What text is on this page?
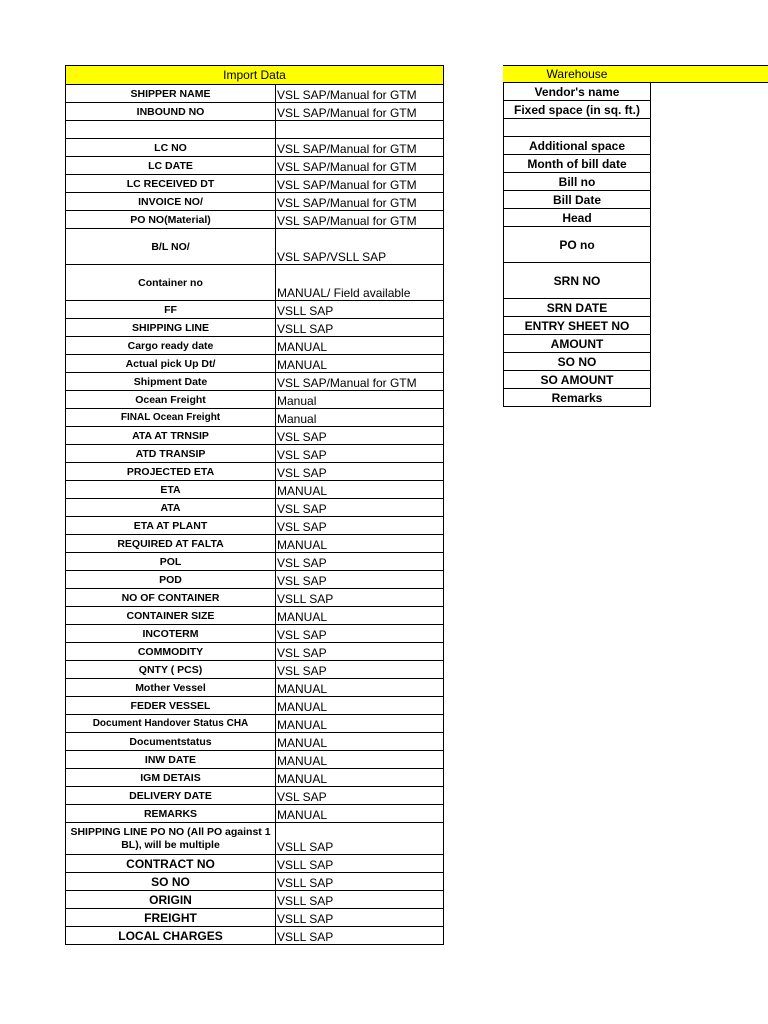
Import Data	
SHIPPER NAME	VSL SAP/Manual for GTM
INBOUND NO	VSL SAP/Manual for GTM

LC NO	VSL SAP/Manual for GTM
LC DATE	VSL SAP/Manual for GTM
LC RECEIVED DT	VSL SAP/Manual for GTM
INVOICE NO/	VSL SAP/Manual for GTM
PO NO(Material)	VSL SAP/Manual for GTM
B/L NO/	VSL SAP/VSLL SAP
Container no	MANUAL/ Field available
FF	VSLL SAP
SHIPPING LINE	VSLL SAP
Cargo ready date	MANUAL
Actual pick Up Dt/	MANUAL
Shipment Date	VSL SAP/Manual for GTM
Ocean Freight	Manual
FINAL Ocean Freight	Manual
ATA AT TRNSIP	VSL SAP
ATD TRANSIP	VSL SAP
PROJECTED ETA	VSL SAP
ETA	MANUAL
ATA	VSL SAP
ETA AT PLANT	VSL SAP
REQUIRED AT FALTA	MANUAL
POL	VSL SAP
POD	VSL SAP
NO OF CONTAINER	VSLL SAP
CONTAINER SIZE	MANUAL
INCOTERM	VSL SAP
COMMODITY	VSL SAP
QNTY ( PCS)	VSL SAP
Mother Vessel	MANUAL
FEDER VESSEL	MANUAL
Document Handover Status CHA	MANUAL
Documentstatus	MANUAL
INW DATE	MANUAL
IGM DETAIS	MANUAL
DELIVERY DATE	VSL SAP
REMARKS	MANUAL
SHIPPING LINE PO NO (All PO against 1 BL), will be multiple	VSLL SAP
CONTRACT NO	VSLL SAP
SO NO	VSLL SAP
ORIGIN	VSLL SAP
FREIGHT	VSLL SAP
LOCAL CHARGES	VSLL SAP
Warehouse
Vendor's name
Fixed space (in sq. ft.)

Additional space
Month of bill date
Bill no
Bill Date
Head
PO no
SRN NO
SRN DATE
ENTRY SHEET NO
AMOUNT
SO NO
SO AMOUNT
Remarks
